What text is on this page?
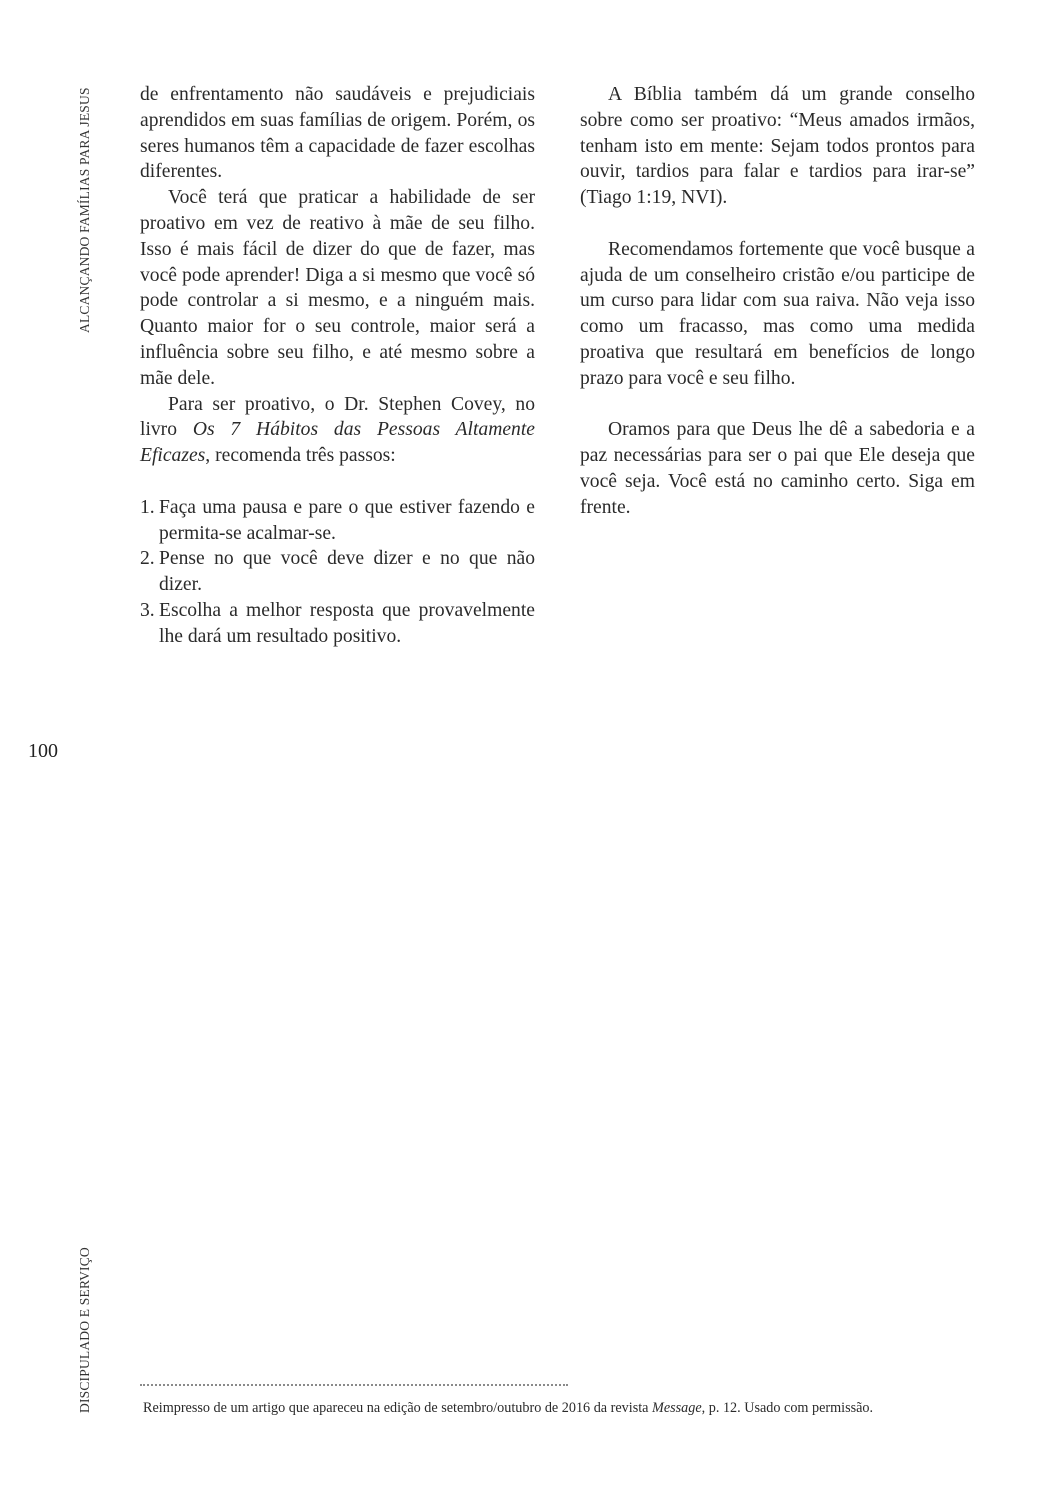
ALCANÇANDO FAMÍLIAS PARA JESUS
DISCIPULADO E SERVIÇO
100

de enfrentamento não saudáveis e prejudiciais aprendidos em suas famílias de origem. Porém, os seres humanos têm a capacidade de fazer escolhas diferentes.

Você terá que praticar a habilidade de ser proativo em vez de reativo à mãe de seu filho. Isso é mais fácil de dizer do que de fazer, mas você pode aprender! Diga a si mesmo que você só pode controlar a si mesmo, e a ninguém mais. Quanto maior for o seu controle, maior será a influência sobre seu filho, e até mesmo sobre a mãe dele.

Para ser proativo, o Dr. Stephen Covey, no livro Os 7 Hábitos das Pessoas Altamente Eficazes, recomenda três passos:

1. Faça uma pausa e pare o que estiver fazendo e permita-se acalmar-se.
2. Pense no que você deve dizer e no que não dizer.
3. Escolha a melhor resposta que provavelmente lhe dará um resultado positivo.

A Bíblia também dá um grande conselho sobre como ser proativo: “Meus amados irmãos, tenham isto em mente: Sejam todos prontos para ouvir, tardios para falar e tardios para irar-se” (Tiago 1:19, NVI).

Recomendamos fortemente que você busque a ajuda de um conselheiro cristão e/ou participe de um curso para lidar com sua raiva. Não veja isso como um fracasso, mas como uma medida proativa que resultará em benefícios de longo prazo para você e seu filho.

Oramos para que Deus lhe dê a sabedoria e a paz necessárias para ser o pai que Ele deseja que você seja. Você está no caminho certo. Siga em frente.

Reimpresso de um artigo que apareceu na edição de setembro/outubro de 2016 da revista Message, p. 12. Usado com permissão.
